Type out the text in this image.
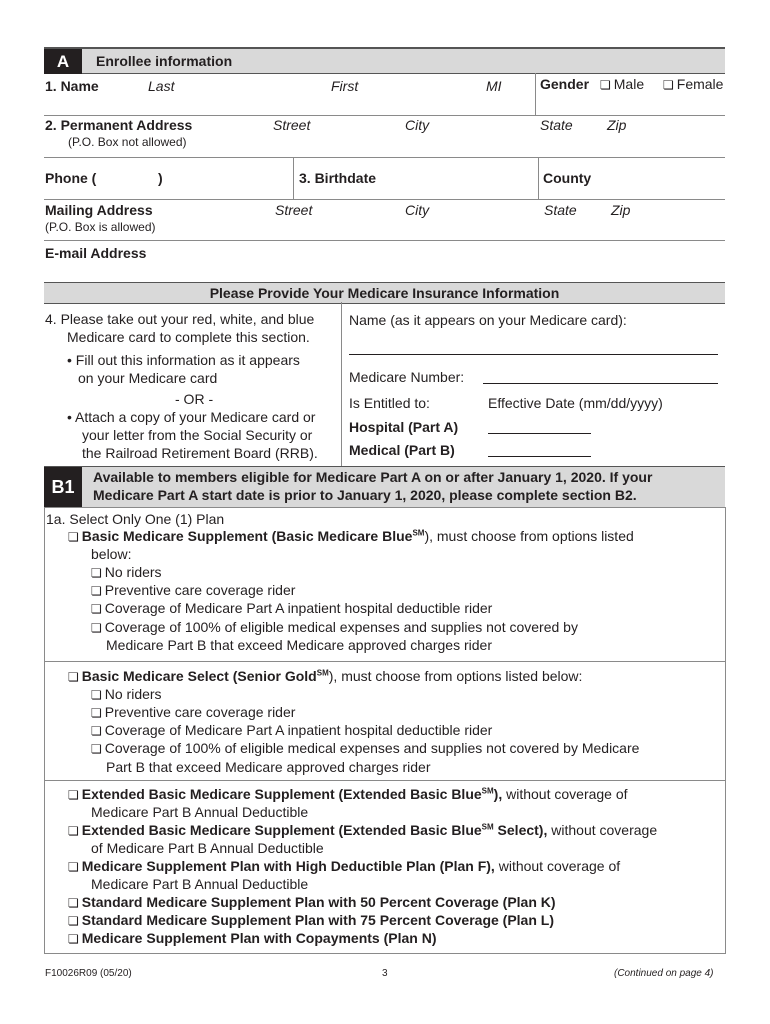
A	Enrollee information
1. Name	Last	First	MI	Gender	❏ Male	❏ Female
2. Permanent Address
(P.O. Box not allowed)
Street	City	State Zip
Phone (	)	3. Birthdate	County
Mailing Address
(P.O. Box is allowed)
Street	City	State Zip
E-mail Address
Please Provide Your Medicare Insurance Information
4. Please take out your red, white, and blue
Medicare card to complete this section.
• Fill out this information as it appears
on your Medicare card
- OR -
• Attach a copy of your Medicare card or
your letter from the Social Security or
the Railroad Retirement Board (RRB).
Name (as it appears on your Medicare card):
Medicare Number:
Is Entitled to:	Effective Date (mm/dd/yyyy)
Hospital (Part A)
Medical (Part B)
B1	Available to members eligible for Medicare Part A on or after January 1, 2020. If your
Medicare Part A start date is prior to January 1, 2020, please complete section B2.
1a. Select Only One (1) Plan
❏ Basic Medicare Supplement (Basic Medicare Blue℠), must choose from options listed
below:
❏ No riders
❏ Preventive care coverage rider
❏ Coverage of Medicare Part A inpatient hospital deductible rider
❏ Coverage of 100% of eligible medical expenses and supplies not covered by
Medicare Part B that exceed Medicare approved charges rider
❏ Basic Medicare Select (Senior Gold℠), must choose from options listed below:
❏ No riders
❏ Preventive care coverage rider
❏ Coverage of Medicare Part A inpatient hospital deductible rider
❏ Coverage of 100% of eligible medical expenses and supplies not covered by Medicare
Part B that exceed Medicare approved charges rider
❏ Extended Basic Medicare Supplement (Extended Basic Blue℠), without coverage of
Medicare Part B Annual Deductible
❏ Extended Basic Medicare Supplement (Extended Basic Blue℠ Select), without coverage
of Medicare Part B Annual Deductible
❏ Medicare Supplement Plan with High Deductible Plan (Plan F), without coverage of
Medicare Part B Annual Deductible
❏ Standard Medicare Supplement Plan with 50 Percent Coverage (Plan K)
❏ Standard Medicare Supplement Plan with 75 Percent Coverage (Plan L)
❏ Medicare Supplement Plan with Copayments (Plan N)
F10026R09 (05/20)	3	(Continued on page 4)
